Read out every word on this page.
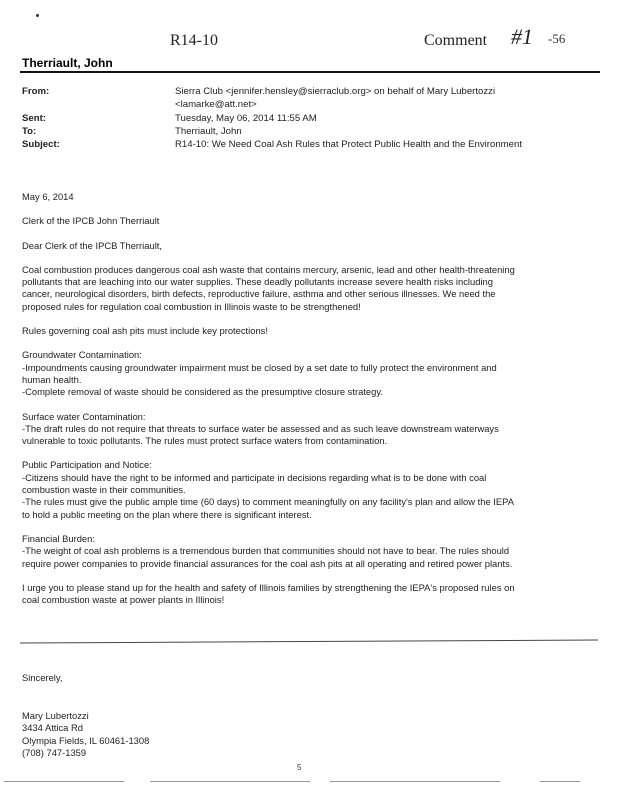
R14-10	Comment #1 -56
Therriault, John
From:	Sierra Club <jennifer.hensley@sierraclub.org> on behalf of Mary Lubertozzi
<lamarke@att.net>
Sent:	Tuesday, May 06, 2014 11:55 AM
To:	Therriault, John
Subject:	R14-10: We Need Coal Ash Rules that Protect Public Health and the Environment

May 6, 2014

Clerk of the IPCB John Therriault

Dear Clerk of the IPCB Therriault,

Coal combustion produces dangerous coal ash waste that contains mercury, arsenic, lead and other health-threatening
pollutants that are leaching into our water supplies. These deadly pollutants increase severe health risks including
cancer, neurological disorders, birth defects, reproductive failure, asthma and other serious illnesses. We need the
proposed rules for regulation coal combustion in Illinois waste to be strengthened!

Rules governing coal ash pits must include key protections!

Groundwater Contamination:
-Impoundments causing groundwater impairment must be closed by a set date to fully protect the environment and
human health.
-Complete removal of waste should be considered as the presumptive closure strategy.

Surface water Contamination:
-The draft rules do not require that threats to surface water be assessed and as such leave downstream waterways
vulnerable to toxic pollutants. The rules must protect surface waters from contamination.

Public Participation and Notice:
-Citizens should have the right to be informed and participate in decisions regarding what is to be done with coal
combustion waste in their communities.
-The rules must give the public ample time (60 days) to comment meaningfully on any facility's plan and allow the IEPA
to hold a public meeting on the plan where there is significant interest.

Financial Burden:
-The weight of coal ash problems is a tremendous burden that communities should not have to bear. The rules should
require power companies to provide financial assurances for the coal ash pits at all operating and retired power plants.

I urge you to please stand up for the health and safety of Illinois families by strengthening the IEPA's proposed rules on
coal combustion waste at power plants in Illinois!

Sincerely,
Mary Lubertozzi
3434 Attica Rd
Olympia Fields, IL 60461-1308
(708) 747-1359
5
